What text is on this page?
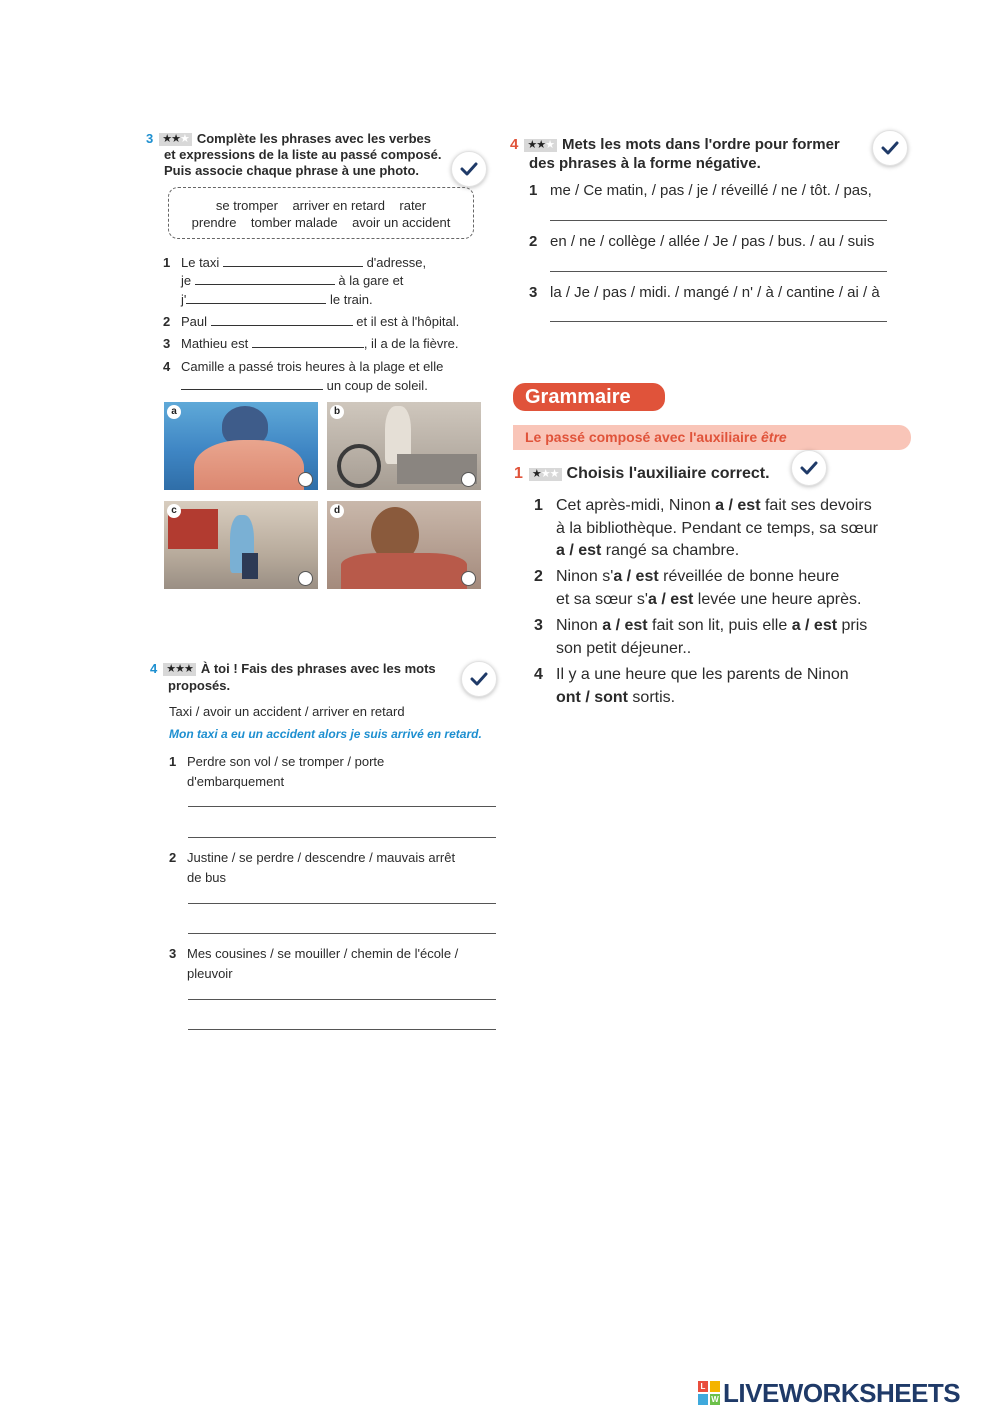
3 ★★★ Complète les phrases avec les verbes
et expressions de la liste au passé composé.
Puis associe chaque phrase à une photo.
se tromper arriver en retard rater
prendre tomber malade avoir un accident
1 Le taxi	d'adresse,
je	à la gare et
j'	le train.
2 Paul	et il est à l'hôpital.
3 Mathieu est	, il a de la fièvre.
4 Camille a passé trois heures à la plage et elle
un coup de soleil.
a	b
c	d
4 ★★★ À toi ! Fais des phrases avec les mots
proposés.
Taxi / avoir un accident / arriver en retard
Mon taxi a eu un accident alors je suis arrivé en retard.
1 Perdre son vol / se tromper / porte
d'embarquement
2 Justine / se perdre / descendre / mauvais arrêt
de bus
3 Mes cousines / se mouiller / chemin de l'école /
pleuvoir
4 ★★★ Mets les mots dans l'ordre pour former
des phrases à la forme négative.
1 me / Ce matin, / pas / je / réveillé / ne / tôt. / pas,
2 en / ne / collège / allée / Je / pas / bus. / au / suis
3 la / Je / pas / midi. / mangé / n' / à / cantine / ai / à
Grammaire
Le passé composé avec l'auxiliaire être
1 ★★★ Choisis l'auxiliaire correct.
1 Cet après-midi, Ninon a / est fait ses devoirs
à la bibliothèque. Pendant ce temps, sa sœur
a / est rangé sa chambre.
2 Ninon s'a / est réveillée de bonne heure
et sa sœur s'a / est levée une heure après.
3 Ninon a / est fait son lit, puis elle a / est pris
son petit déjeuner..
4 Il y a une heure que les parents de Ninon
ont / sont sortis.
L
W LIVEWORKSHEETS
